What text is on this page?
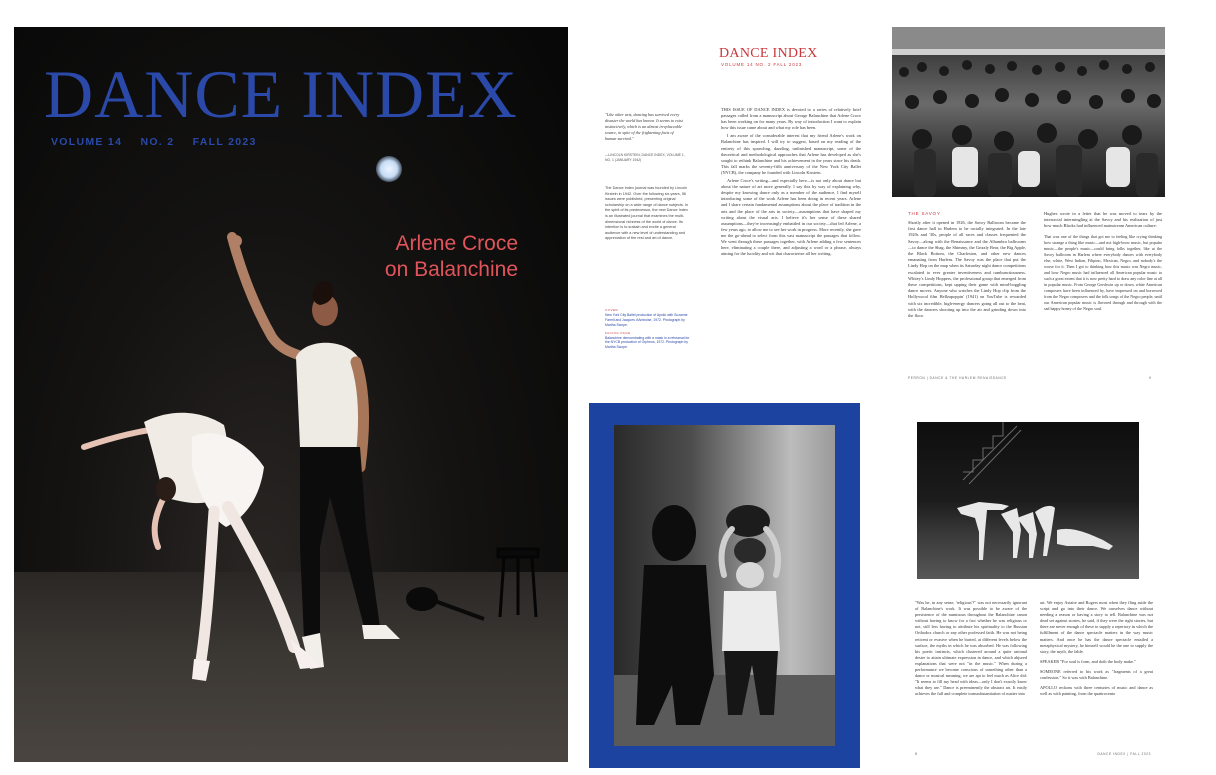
DANCE INDEX
VOLUME 14 NO. 2 FALL 2023
Arlene Croce
on Balanchine
DANCE INDEX
VOLUME 14 NO. 2 FALL 2023
"Like other arts, dancing has survived every disaster the world has known. It seems to exist instinctively, which is an almost irreplaceable source, in spite of the frightening facts of human survival."
—LINCOLN KIRSTEIN, DANCE INDEX, VOLUME 1, NO. 1 (JANUARY 1942)
The Dance Index journal was founded by Lincoln Kirstein in 1942. Over the following six years, 56 issues were published, presenting original scholarship on a wide range of dance subjects. In the spirit of its predecessor, the new Dance Index is an illustrated journal that examines the multi-dimensional richness of the world of dance. Its intention is to sustain and excite a general audience with a new level of understanding and appreciation of the rest and art of dance.
COVER
New York City Ballet production of Apollo with Suzanne Farrell and Jacques d'Amboise, 1972. Photograph by Martha Swope.
FACING PAGE
Balanchine demonstrating with a mask in a rehearsal for the NYCB production of Orpheus, 1972. Photograph by Martha Swope.

THIS ISSUE OF DANCE INDEX is devoted to a series of relatively brief passages culled from a manuscript about George Balanchine that Arlene Croce has been working on for many years. By way of introduction I want to explain how this issue came about and what my role has been.

I am aware of the considerable interest that my friend Arlene's work on Balanchine has inspired. I will try to suggest, based on my reading of the entirety of this sprawling, dazzling, unfinished manuscript, some of the theoretical and methodological approaches that Arlene has developed as she's sought to rethink Balanchine and his achievement in the years since his death. This fall marks the seventy-fifth anniversary of the New York City Ballet (NYCB), the company he founded with Lincoln Kirstein.

Arlene Croce's writing—and especially here—is not only about dance but about the nature of art more generally. I say this by way of explaining why, despite my knowing dance only as a member of the audience, I find myself introducing some of the work Arlene has been doing in recent years. Arlene and I share certain fundamental assumptions about the place of tradition in the arts and the place of the arts in society—assumptions that have shaped my writing about the visual arts. I believe it's her sense of these shared assumptions—they're increasingly embattled in our society—that led Arlene, a few years ago, to allow me to see her work in progress. More recently, she gave me the go-ahead to select from this vast manuscript the passages that follow. We went through these passages together, with Arlene adding a few sentences here, eliminating a couple there, and adjusting a word or a phrase, always aiming for the lucidity and wit that characterize all her writing.

THE SAVOY
Shortly after it opened in 1926, the Savoy Ballroom became the first dance hall in Harlem to be racially integrated. In the late 1920s and '30s, people of all races and classes frequented the Savoy—along with the Renaissance and the Alhambra ballrooms—to dance the Shag, the Shimmy, the Grizzly Bear, the Big Apple, the Black Bottom, the Charleston, and other new dances emanating from Harlem. The Savoy was the place that put the Lindy Hop on the map when its Saturday night dance competitions escalated to ever greater inventiveness and rambunctiousness. Whitey's Lindy Hoppers, the professional group that emerged from these competitions, kept upping their game with mind-boggling dance moves. Anyone who watches the Lindy Hop clip from the Hollywood film Hellzapoppin' (1941) on YouTube is rewarded with six incredible, high-energy dancers going all out to the beat, with the dancers shooting up into the air and grinding down into the floor.
Hughes wrote in a letter that he was moved to tears by the interracial intermingling at the Savoy and his realization of just how much Blacks had influenced mainstream American culture:
That was one of the things that got me to feeling like crying thinking how strange a thing like music—and not high-brow music, but popular music—the people's music—could bring folks together, like at the Savoy ballroom in Harlem where everybody dances with everybody else, white, West Indian, Filipino, Mexican, Negro, and nobody's the worse for it. Then I got to thinking how this music was Negro music, and how Negro music had influenced all American popular music to such a great extent that it is now pretty hard to draw any color line at all in popular music. From George Gershwin up or down, white American composers have been influenced by, have impressed on and borrowed from the Negro composers and the folk songs of the Negro people, until our American popular music is flavored through and through with the sad happy honey of the Negro soul.
PERRON | DANCE & THE HARLEM RENAISSANCE	9
"Was he, in any sense, 'religious'?" was not necessarily ignorant of Balanchine's work. It was possible to be aware of the persistence of the numinous throughout the Balanchine canon without having to know for a fact whether he was religious or not, still less having to attribute his spirituality to the Russian Orthodox church or any other professed faith. He was not being reticent or evasive when he buried, at different levels below the surface, the myths in which he was absorbed. He was following his poetic instincts, which clustered around a quite rational desire to attain ultimate expression in dance, and which abjured explanations that were not "in the music." When during a performance we become conscious of something other than a dance or musical meaning, we are apt to feel much as Alice did: "It seems to fill my head with ideas—only I don't exactly know what they are." Dance is preeminently the abstract art. It easily achieves the full and complete transsubstantiation of matter into

art. We enjoy Astaire and Rogers most when they fling aside the script and go into their dance. We ourselves dance without needing a reason or having a story to tell. Balanchine was not dead set against stories, he said, if they were the right stories, but there are never enough of these to supply a repertory in which the fulfillment of the dance spectacle matters in the way music matters. And once he has the dance spectacle entailed a metaphysical mystery, he himself would be the one to supply the story, the myth, the fable.

SPEAKER "For soul is form, and doth the body make."

SOMEONE referred to his work as "fragments of a great confession." So it was with Balanchine.

APOLLO reckons with three centuries of music and dance as well as with painting, from the quattrocento

8	DANCE INDEX | FALL 2023
